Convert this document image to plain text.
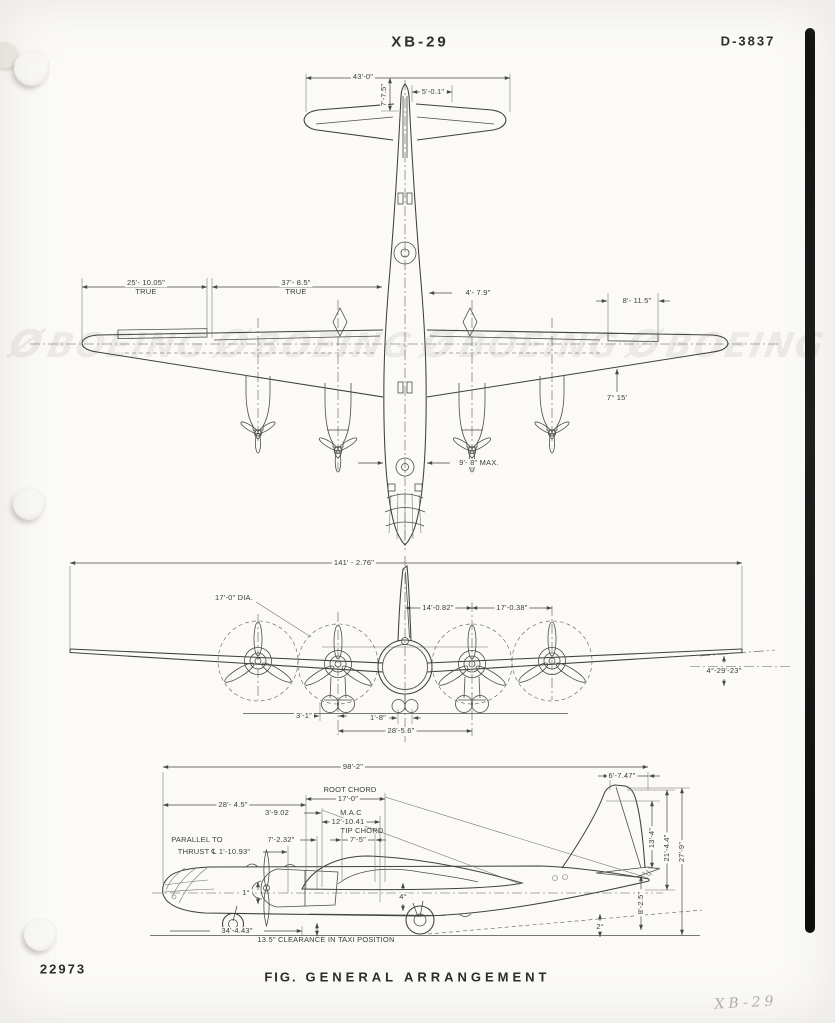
ØBOEING ØBOEING ØBOEING ØBOEING
XB-29	D-3837
43'-0"
7'-7.5"	5'-0.1"
25'- 10.05"
TRUE
37'- 8.5"
TRUE	4'- 7.9"
8'- 11.5"
7° 15'
9'- 8" MAX.
141' - 2.76"
17'-0" DIA.
14'-0.82"	17'-0.38"
4°-29'-23"
3'-1"	1'-8"
28'-5.6"
98'-2"
6'-7.47"
28'- 4.5"
ROOT CHORD
17'-0"
3'-9.02	M.A.C
12'-10.41
TIP CHORD
7'-5"
7'-2.32"
PARALLEL TO
THRUST ℄ 1'-10.93"
1°	4°
13'-4" 21'-4.4" 27'-9"
8'-2.5"
2°
34'-4.43"
13.5" CLEARANCE IN TAXI POSITION
22973
FIG. GENERAL ARRANGEMENT
XB-29
